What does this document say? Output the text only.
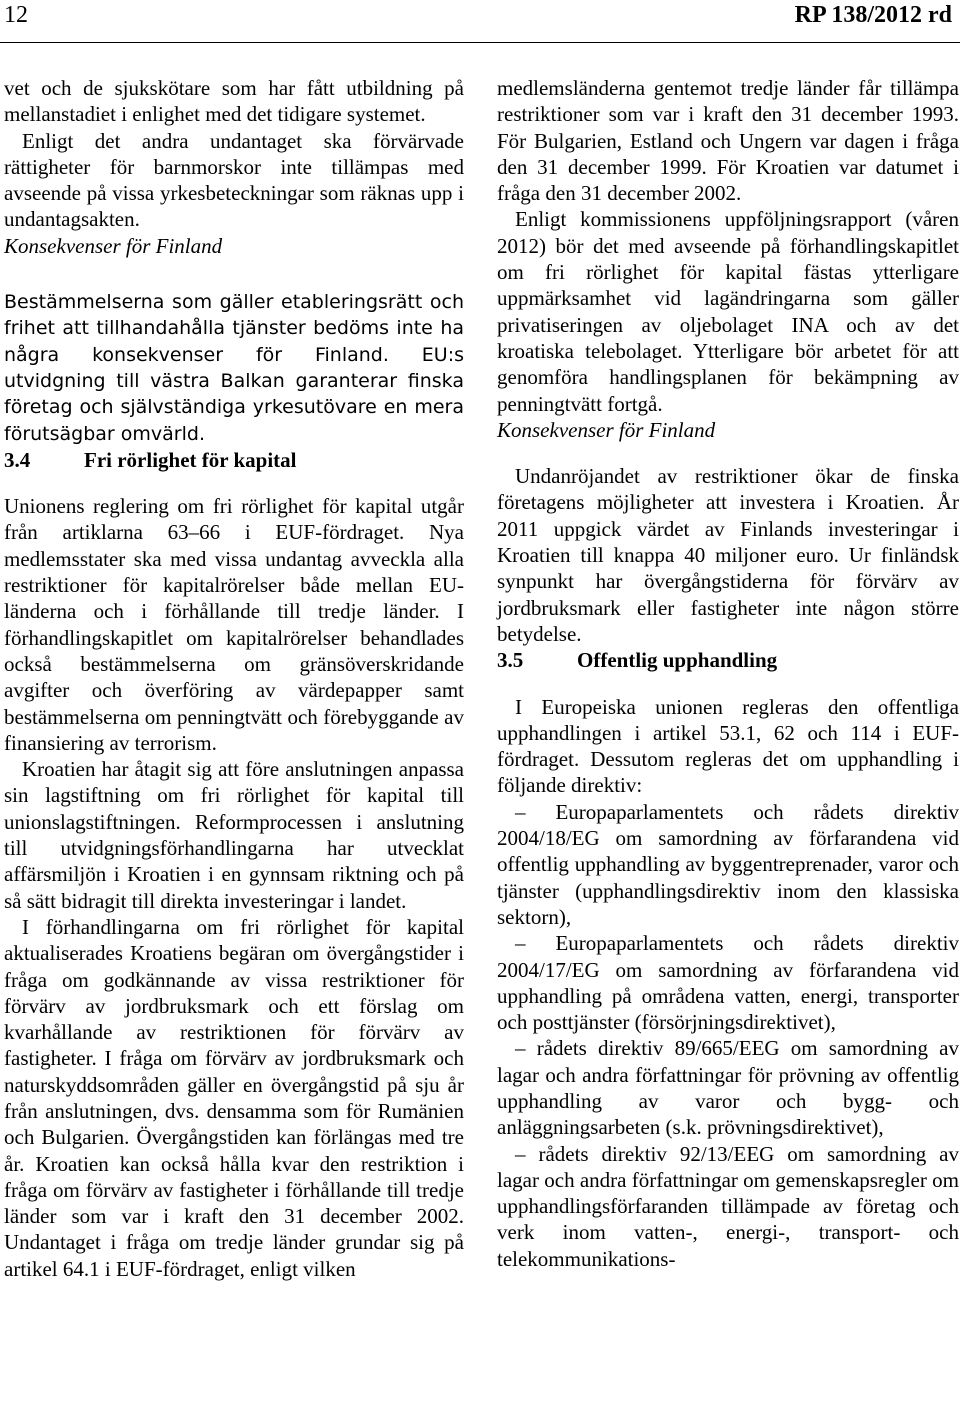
12	RP 138/2012 rd

vet och de sjukskötare som har fått utbildning på mellanstadiet i enlighet med det tidigare systemet.

Enligt det andra undantaget ska förvärvade rättigheter för barnmorskor inte tillämpas med avseende på vissa yrkesbeteckningar som räknas upp i undantagsakten.

Konsekvenser för Finland

Bestämmelserna som gäller etableringsrätt och frihet att tillhandahålla tjänster bedöms inte ha några konsekvenser för Finland. EU:s utvidgning till västra Balkan garanterar finska företag och självständiga yrkesutövare en mera förutsägbar omvärld.

3.4	Fri rörlighet för kapital

Unionens reglering om fri rörlighet för kapital utgår från artiklarna 63–66 i EUF-fördraget. Nya medlemsstater ska med vissa undantag avveckla alla restriktioner för kapitalrörelser både mellan EU-länderna och i förhållande till tredje länder. I förhandlingskapitlet om kapitalrörelser behandlades också bestämmelserna om gränsöverskridande avgifter och överföring av värdepapper samt bestämmelserna om penningtvätt och förebyggande av finansiering av terrorism.

Kroatien har åtagit sig att före anslutningen anpassa sin lagstiftning om fri rörlighet för kapital till unionslagstiftningen. Reformprocessen i anslutning till utvidgningsförhandlingarna har utvecklat affärsmiljön i Kroatien i en gynnsam riktning och på så sätt bidragit till direkta investeringar i landet.

I förhandlingarna om fri rörlighet för kapital aktualiserades Kroatiens begäran om övergångstider i fråga om godkännande av vissa restriktioner för förvärv av jordbruksmark och ett förslag om kvarhållande av restriktionen för förvärv av fastigheter. I fråga om förvärv av jordbruksmark och naturskyddsområden gäller en övergångstid på sju år från anslutningen, dvs. densamma som för Rumänien och Bulgarien. Övergångstiden kan förlängas med tre år. Kroatien kan också hålla kvar den restriktion i fråga om förvärv av fastigheter i förhållande till tredje länder som var i kraft den 31 december 2002. Undantaget i fråga om tredje länder grundar sig på artikel 64.1 i EUF-fördraget, enligt vilken

medlemsländerna gentemot tredje länder får tillämpa restriktioner som var i kraft den 31 december 1993. För Bulgarien, Estland och Ungern var dagen i fråga den 31 december 1999. För Kroatien var datumet i fråga den 31 december 2002.

Enligt kommissionens uppföljningsrapport (våren 2012) bör det med avseende på förhandlingskapitlet om fri rörlighet för kapital fästas ytterligare uppmärksamhet vid lagändringarna som gäller privatiseringen av oljebolaget INA och av det kroatiska telebolaget. Ytterligare bör arbetet för att genomföra handlingsplanen för bekämpning av penningtvätt fortgå.

Konsekvenser för Finland

Undanröjandet av restriktioner ökar de finska företagens möjligheter att investera i Kroatien. År 2011 uppgick värdet av Finlands investeringar i Kroatien till knappa 40 miljoner euro. Ur finländsk synpunkt har övergångstiderna för förvärv av jordbruksmark eller fastigheter inte någon större betydelse.

3.5	Offentlig upphandling

I Europeiska unionen regleras den offentliga upphandlingen i artikel 53.1, 62 och 114 i EUF-fördraget. Dessutom regleras det om upphandling i följande direktiv:

– Europaparlamentets och rådets direktiv 2004/18/EG om samordning av förfarandena vid offentlig upphandling av byggentreprenader, varor och tjänster (upphandlingsdirektiv inom den klassiska sektorn),

– Europaparlamentets och rådets direktiv 2004/17/EG om samordning av förfarandena vid upphandling på områdena vatten, energi, transporter och posttjänster (försörjningsdirektivet),

– rådets direktiv 89/665/EEG om samordning av lagar och andra författningar för prövning av offentlig upphandling av varor och bygg- och anläggningsarbeten (s.k. prövningsdirektivet),

– rådets direktiv 92/13/EEG om samordning av lagar och andra författningar om gemenskapsregler om upphandlingsförfaranden tillämpade av företag och verk inom vatten-, energi-, transport- och telekommunikations-
